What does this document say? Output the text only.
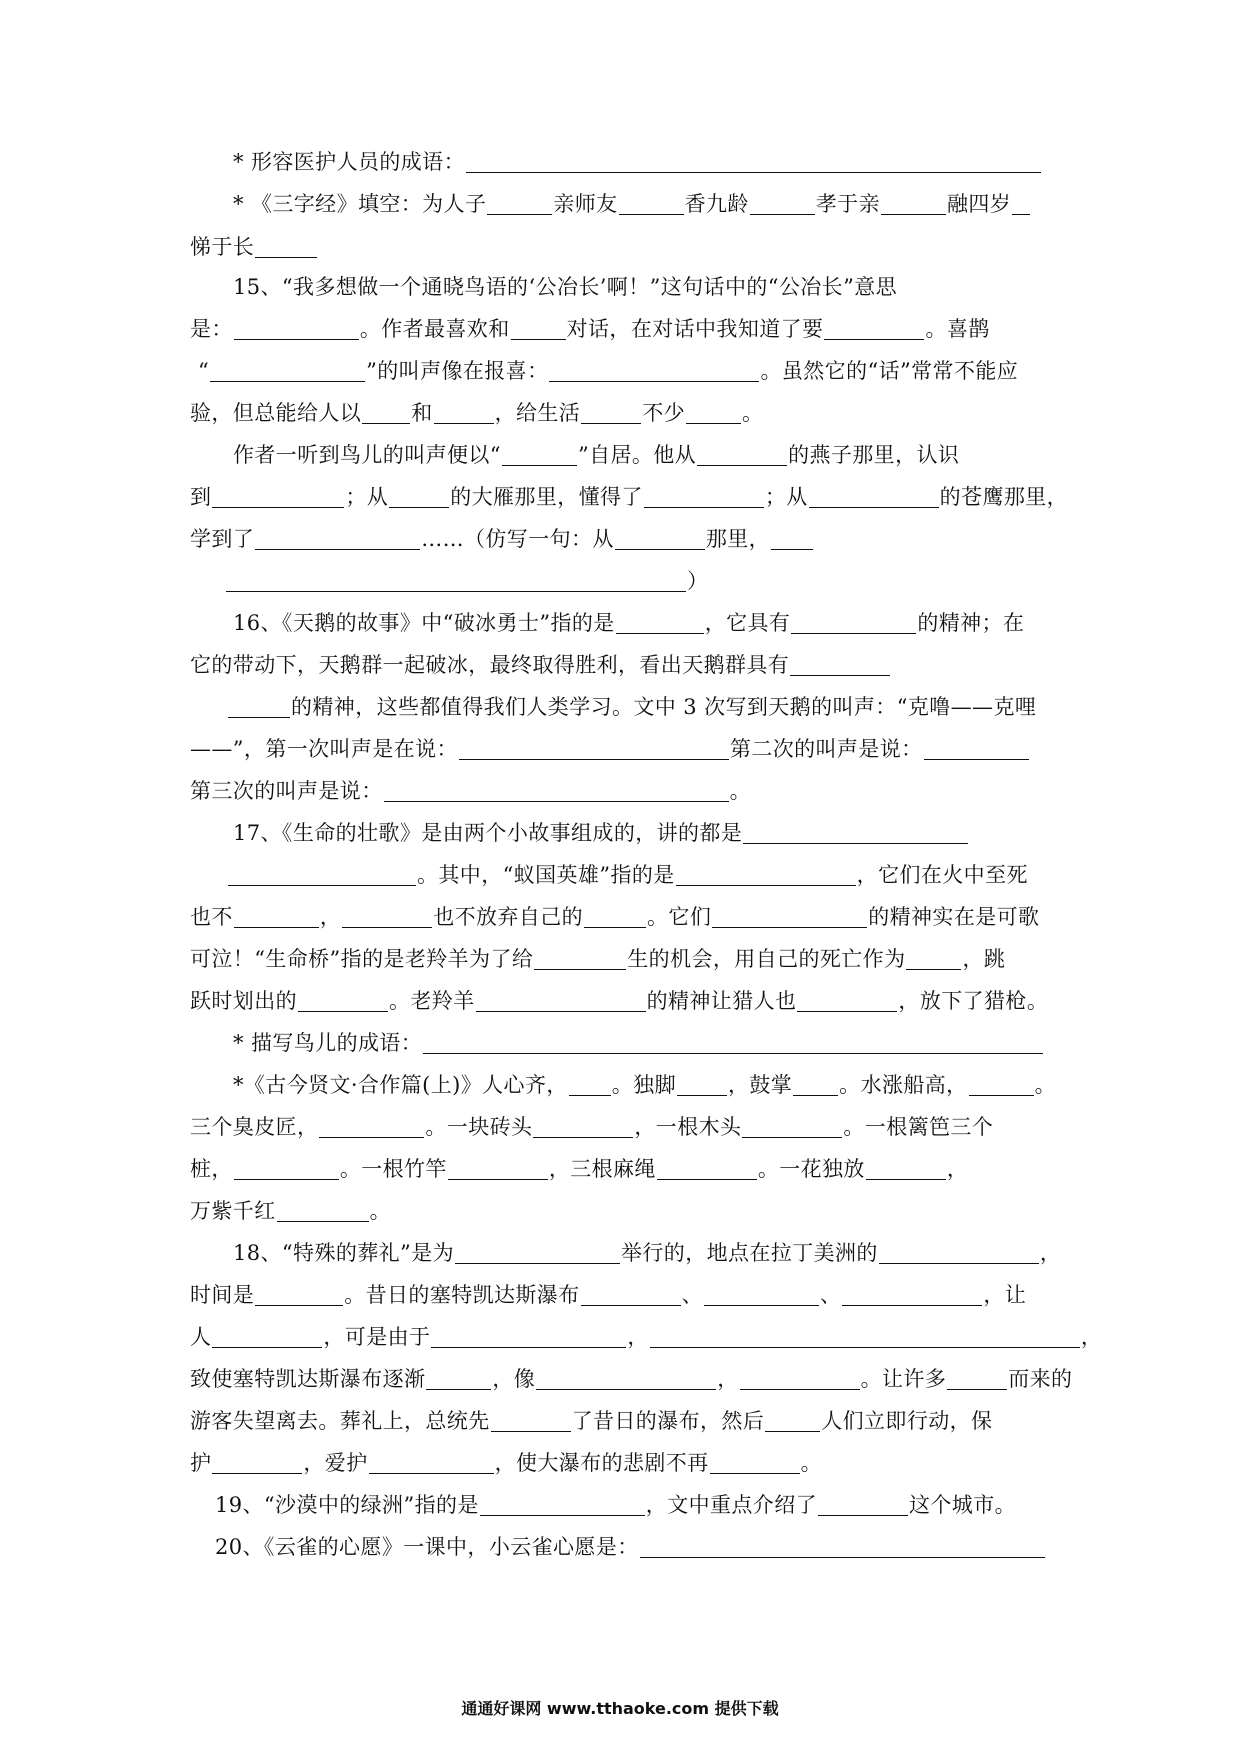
* 形容医护人员的成语：
* 《三字经》填空：为人子	亲师友	香九龄	孝于亲	融四岁
悌于长
15、“我多想做一个通晓鸟语的‘公冶长’啊！”这句话中的“公冶长”意思
是：	。作者最喜欢和	对话，在对话中我知道了要	。喜鹊
“	”的叫声像在报喜：	。虽然它的“话”常常不能应
验，但总能给人以 和	，给生活	不少	。
作者一听到鸟儿的叫声便以“	”自居。他从	的燕子那里，认识
到	；从	的大雁那里，懂得了	；从	的苍鹰那里，
学到了	……（仿写一句：从	那里，
）
16、《天鹅的故事》中“破冰勇士”指的是	，它具有	的精神；在
它的带动下，天鹅群一起破冰，最终取得胜利，看出天鹅群具有
的精神，这些都值得我们人类学习。文中 3 次写到天鹅的叫声：“克噜——克哩
——”，第一次叫声是在说：	第二次的叫声是说：
第三次的叫声是说：	。
17、《生命的壮歌》是由两个小故事组成的，讲的都是
。其中，“蚁国英雄”指的是	，它们在火中至死
也不	，	也不放弃自己的	。它们	的精神实在是可歌
可泣！“生命桥”指的是老羚羊为了给	生的机会，用自己的死亡作为	，跳
跃时划出的	。老羚羊	的精神让猎人也	，放下了猎枪。
* 描写鸟儿的成语：
*《古今贤文·合作篇(上)》人心齐， 。独脚 ，鼓掌 。水涨船高，	。
三个臭皮匠，	。一块砖头	，一根木头	。一根篱笆三个
桩，	。一根竹竿	，三根麻绳	。一花独放	，
万紫千红	。
18、“特殊的葬礼”是为	举行的，地点在拉丁美洲的	，
时间是	。昔日的塞特凯达斯瀑布	、	、	，让
人	，可是由于	，	，
致使塞特凯达斯瀑布逐渐	，像	，	。让许多	而来的
游客失望离去。葬礼上，总统先	了昔日的瀑布，然后	人们立即行动，保
护	，爱护	，使大瀑布的悲剧不再	。
19、“沙漠中的绿洲”指的是	，文中重点介绍了	这个城市。
20、《云雀的心愿》一课中，小云雀心愿是：
通通好课网 www.tthaoke.com 提供下载
